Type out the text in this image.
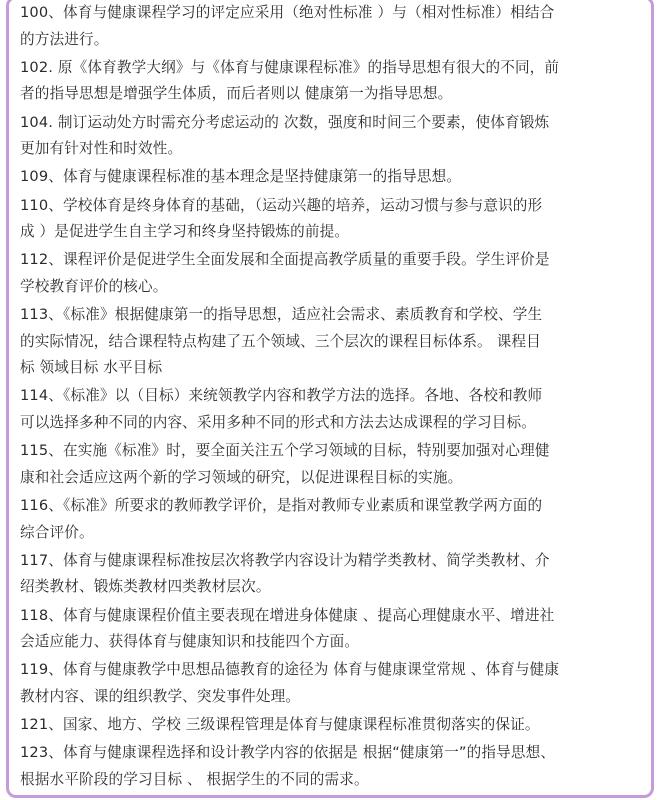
100、体育与健康课程学习的评定应采用（绝对性标准 ）与（相对性标准）相结合
的方法进行。
102. 原《体育教学大纲》与《体育与健康课程标准》的指导思想有很大的不同，前
者的指导思想是增强学生体质，而后者则以 健康第一为指导思想。
104. 制订运动处方时需充分考虑运动的 次数，强度和时间三个要素，使体育锻炼
更加有针对性和时效性。
109、体育与健康课程标准的基本理念是坚持健康第一的指导思想。
110、学校体育是终身体育的基础，（运动兴趣的培养，运动习惯与参与意识的形
成 ）是促进学生自主学习和终身坚持锻炼的前提。
112、课程评价是促进学生全面发展和全面提高教学质量的重要手段。学生评价是
学校教育评价的核心。
113、《标准》根据健康第一的指导思想，适应社会需求、素质教育和学校、学生
的实际情况，结合课程特点构建了五个领域、三个层次的课程目标体系。 课程目
标 领域目标 水平目标
114、《标准》以（目标）来统领教学内容和教学方法的选择。各地、各校和教师
可以选择多种不同的内容、采用多种不同的形式和方法去达成课程的学习目标。
115、在实施《标准》时，要全面关注五个学习领域的目标，特别要加强对心理健
康和社会适应这两个新的学习领域的研究，以促进课程目标的实施。
116、《标准》所要求的教师教学评价，是指对教师专业素质和课堂教学两方面的
综合评价。
117、体育与健康课程标准按层次将教学内容设计为精学类教材、简学类教材、介
绍类教材、锻炼类教材四类教材层次。
118、体育与健康课程价值主要表现在增进身体健康 、提高心理健康水平、增进社
会适应能力、获得体育与健康知识和技能四个方面。
119、体育与健康教学中思想品德教育的途径为 体育与健康课堂常规 、体育与健康
教材内容、课的组织教学、突发事件处理。
121、国家、地方、学校 三级课程管理是体育与健康课程标准贯彻落实的保证。
123、体育与健康课程选择和设计教学内容的依据是 根据“健康第一”的指导思想、
根据水平阶段的学习目标 、 根据学生的不同的需求。
